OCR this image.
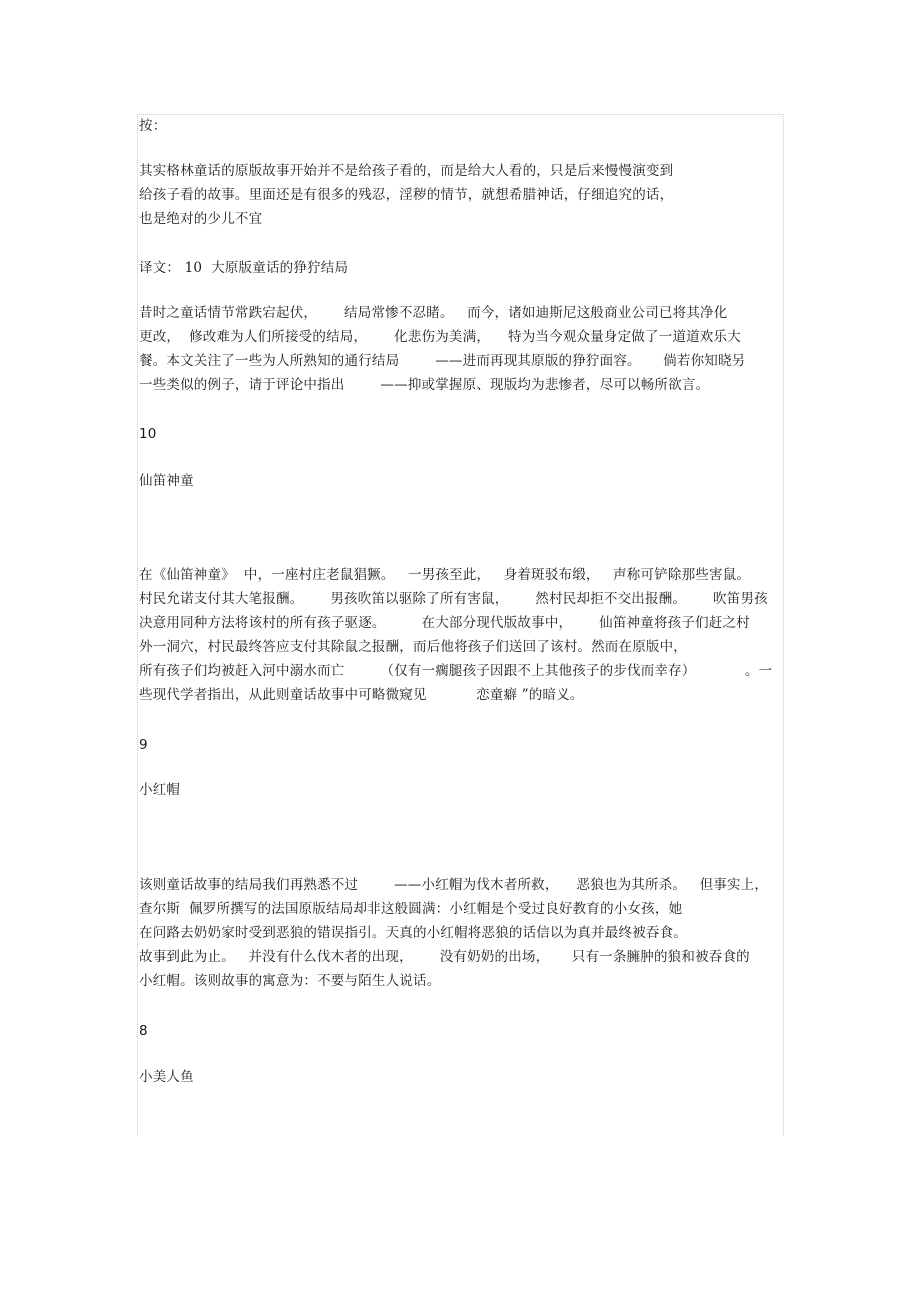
按：
其实格林童话的原版故事开始并不是给孩子看的，而是给大人看的，只是后来慢慢演变到
给孩子看的故事。里面还是有很多的残忍，淫秽的情节，就想希腊神话，仔细追究的话，
也是绝对的少儿不宜
译文： 10  大原版童话的狰狞结局
昔时之童话情节常跌宕起伏，      结局常惨不忍睹。   而今，诸如迪斯尼这般商业公司已将其净化
更改，  修改难为人们所接受的结局，      化悲伤为美满，    特为当今观众量身定做了一道道欢乐大
餐。本文关注了一些为人所熟知的通行结局        ——进而再现其原版的狰狞面容。     倘若你知晓另
一些类似的例子，请于评论中指出        ——抑或掌握原、现版均为悲惨者，尽可以畅所欲言。
10
仙笛神童
在《仙笛神童》  中，一座村庄老鼠猖獗。   一男孩至此，   身着斑驳布缎，   声称可铲除那些害鼠。
村民允诺支付其大笔报酬。      男孩吹笛以驱除了所有害鼠，      然村民却拒不交出报酬。      吹笛男孩
决意用同种方法将该村的所有孩子驱逐。        在大部分现代版故事中，      仙笛神童将孩子们赶之村
外一洞穴，村民最终答应支付其除鼠之报酬，而后他将孩子们送回了该村。然而在原版中，
所有孩子们均被赶入河中溺水而亡        （仅有一瘸腿孩子因跟不上其他孩子的步伐而幸存）           。一
些现代学者指出，从此则童话故事中可略微窥见           恋童癖 ”的暗义。
9
小红帽
该则童话故事的结局我们再熟悉不过        ——小红帽为伐木者所救，    恶狼也为其所杀。   但事实上，
查尔斯  佩罗所撰写的法国原版结局却非这般圆满：小红帽是个受过良好教育的小女孩，她
在问路去奶奶家时受到恶狼的错误指引。天真的小红帽将恶狼的话信以为真并最终被吞食。
故事到此为止。   并没有什么伐木者的出现，      没有奶奶的出场，     只有一条臃肿的狼和被吞食的
小红帽。该则故事的寓意为：不要与陌生人说话。
8
小美人鱼
